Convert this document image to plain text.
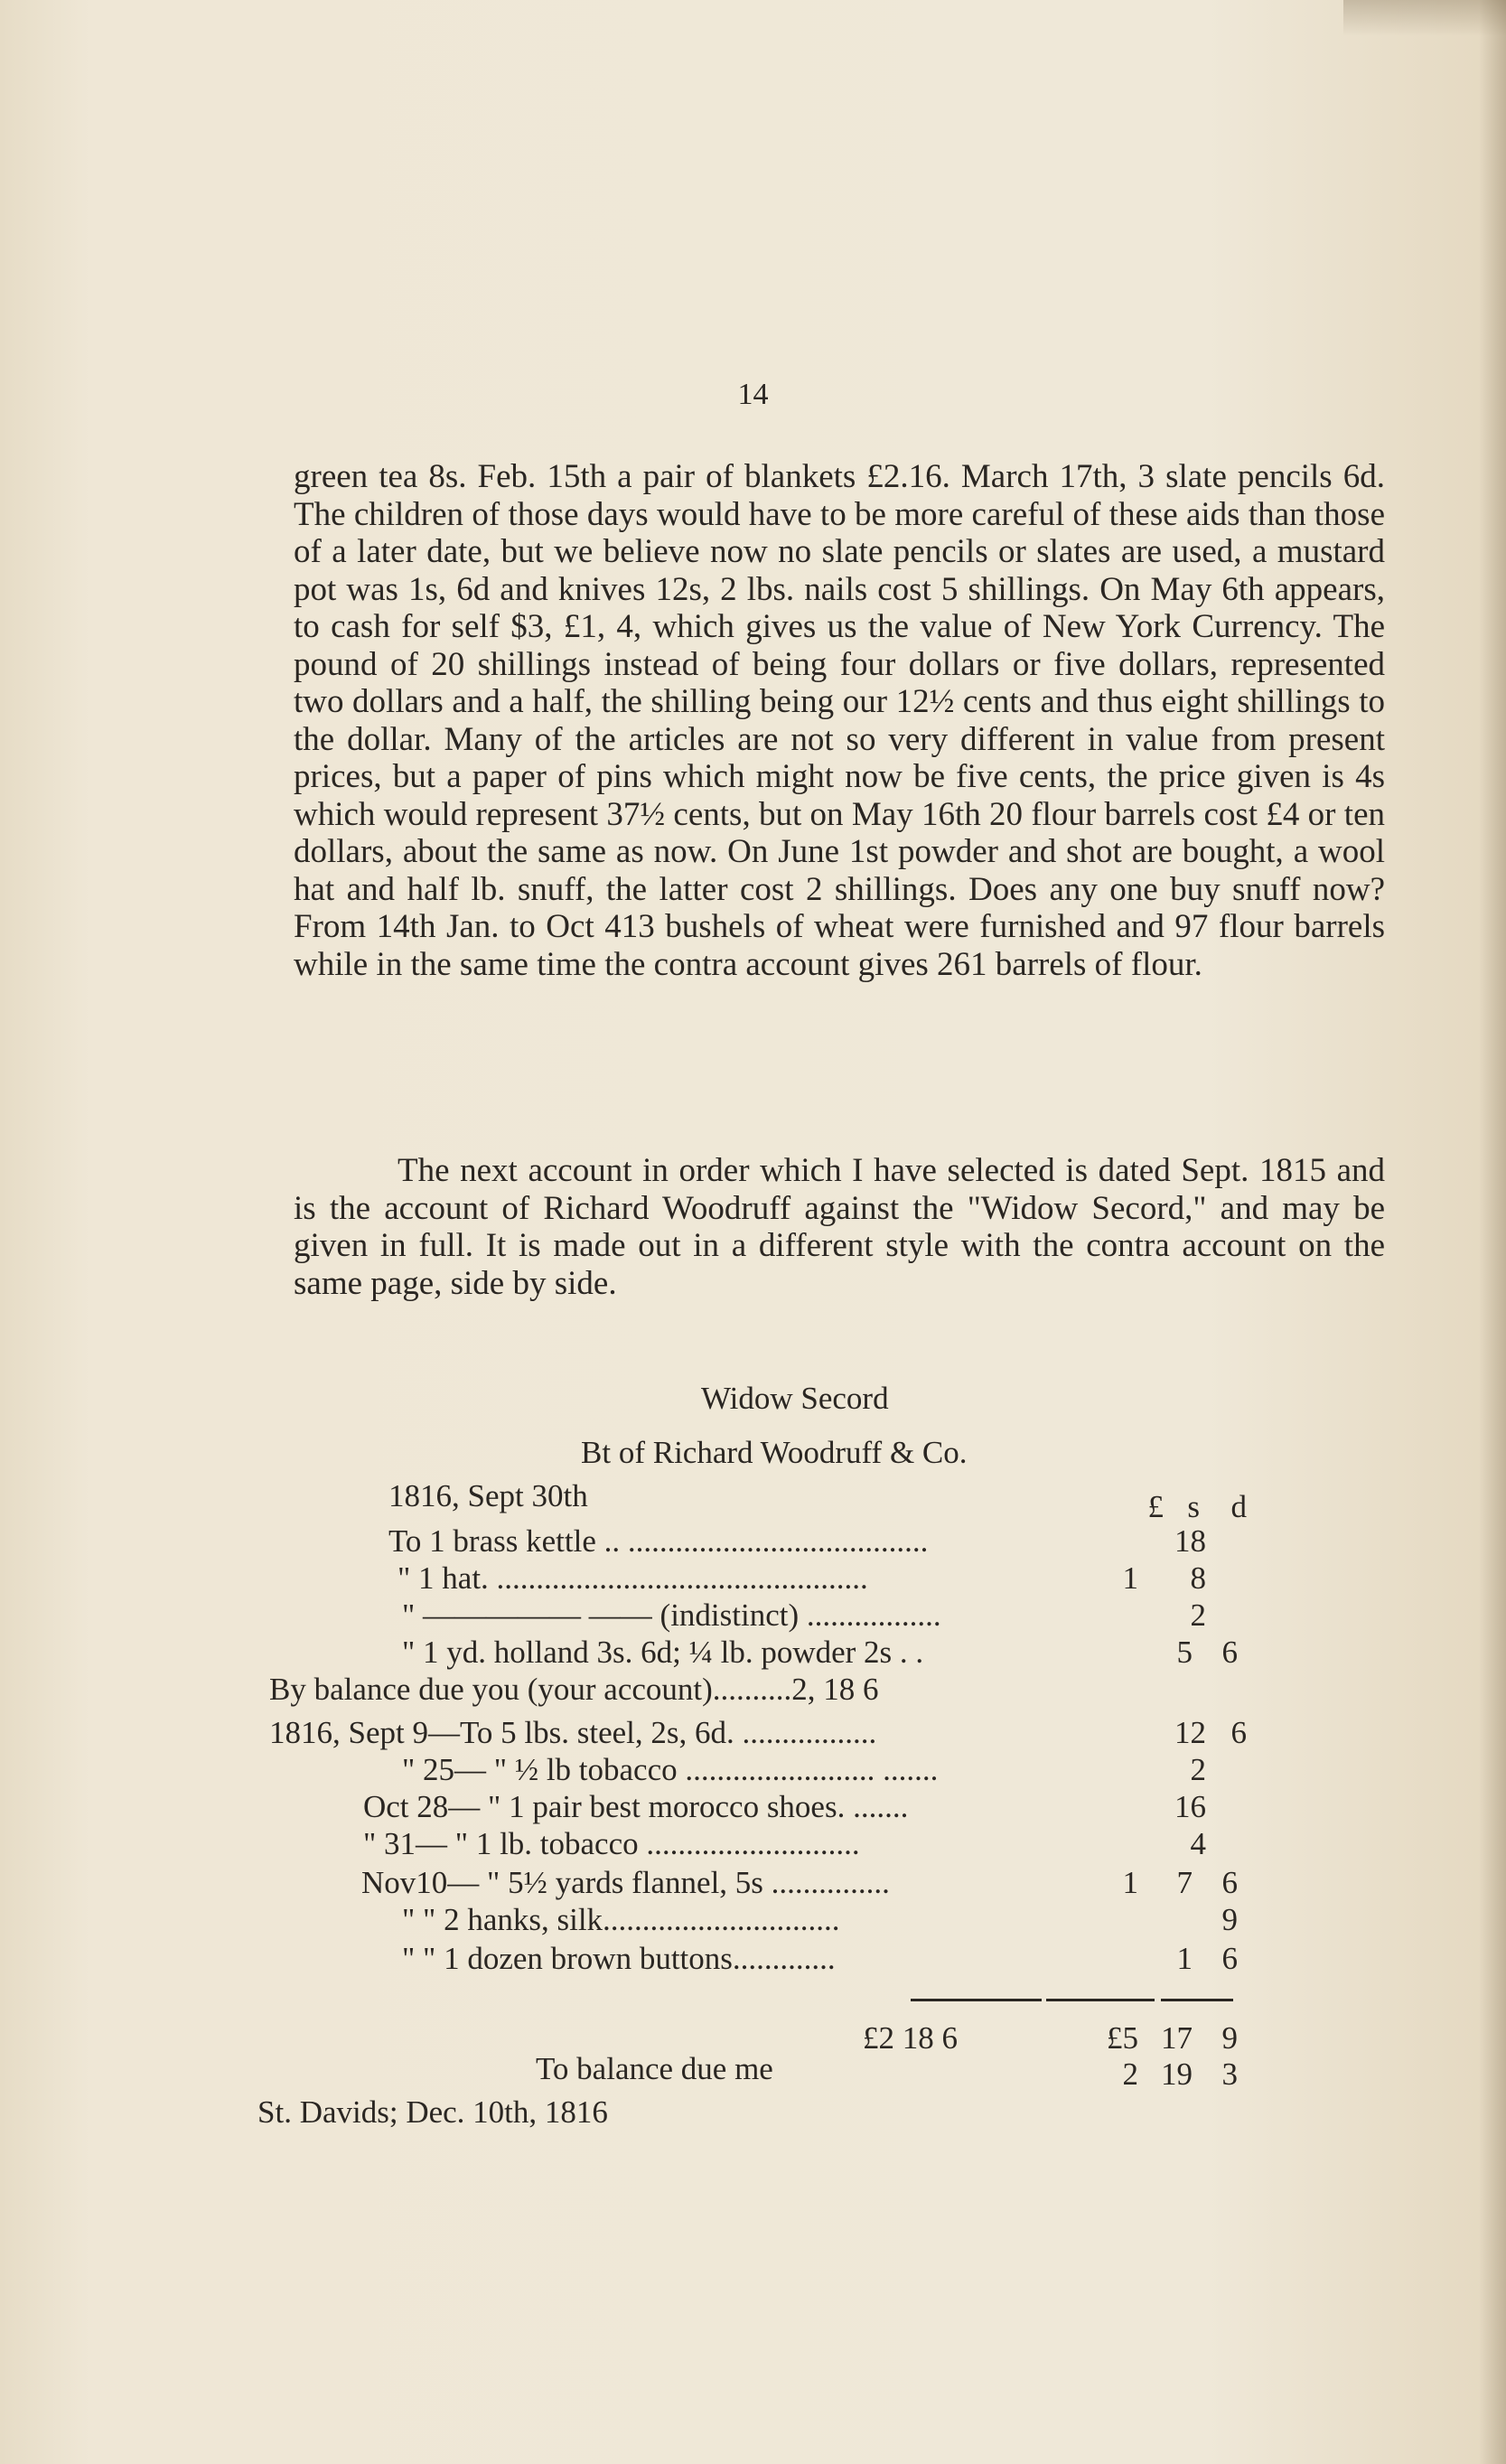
14

green tea 8s. Feb. 15th a pair of blankets £2.16. March 17th, 3 slate pencils 6d. The children of those days would have to be more careful of these aids than those of a later date, but we believe now no slate pencils or slates are used, a mustard pot was 1s, 6d and knives 12s, 2 lbs. nails cost 5 shillings. On May 6th appears, to cash for self $3, £1, 4, which gives us the value of New York Currency. The pound of 20 shillings instead of being four dollars or five dollars, represented two dollars and a half, the shilling being our 12½ cents and thus eight shillings to the dollar. Many of the articles are not so very different in value from present prices, but a paper of pins which might now be five cents, the price given is 4s which would represent 37½ cents, but on May 16th 20 flour barrels cost £4 or ten dollars, about the same as now. On June 1st powder and shot are bought, a wool hat and half lb. snuff, the latter cost 2 shillings. Does any one buy snuff now? From 14th Jan. to Oct 413 bushels of wheat were furnished and 97 flour barrels while in the same time the contra account gives 261 barrels of flour.

The next account in order which I have selected is dated Sept. 1815 and is the account of Richard Woodruff against the "Widow Secord," and may be given in full. It is made out in a different style with the contra account on the same page, side by side.

Widow Secord
Bt of Richard Woodruff & Co.
1816, Sept 30th	£ s d
To 1 brass kettle .. ......................................	18
" 1 hat. ...............................................	1	8
" ————— —— (indistinct) .................	2
" 1 yd. holland 3s. 6d; ¼ lb. powder 2s . .	5 6
By balance due you (your account)..........2, 18 6
1816, Sept 9—To 5 lbs. steel, 2s, 6d. .................	12 6
" 25— " ½ lb tobacco ........................ .......	2
Oct 28— " 1 pair best morocco shoes. .......	16
" 31— " 1 lb. tobacco ...........................	4
Nov10— " 5½ yards flannel, 5s ...............	1	7 6
" " 2 hanks, silk..............................	9
" " 1 dozen brown buttons.............	1 6
£2 18 6	£5 17 9
To balance due me	2 19 3
St. Davids; Dec. 10th, 1816
